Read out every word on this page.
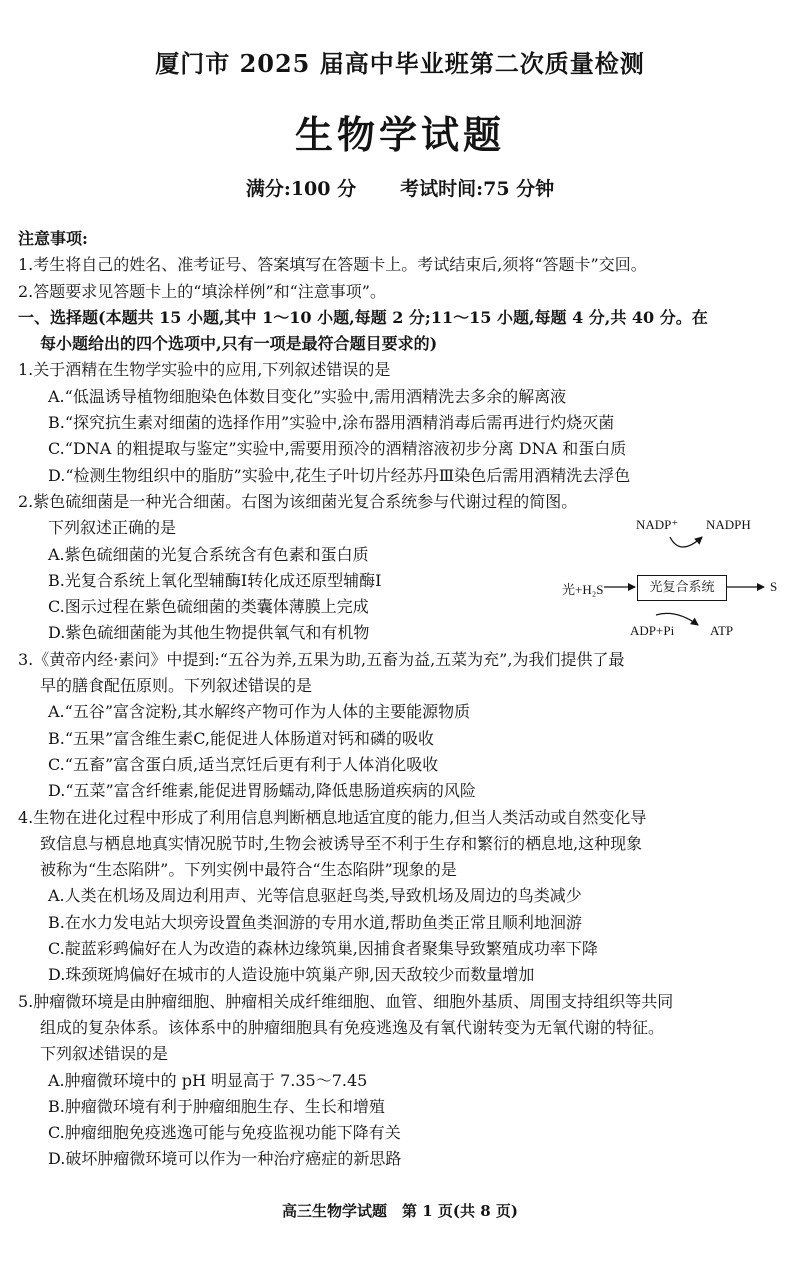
厦门市 2025 届高中毕业班第二次质量检测
生物学试题
满分:100 分 考试时间:75 分钟
注意事项:
1.考生将自己的姓名、准考证号、答案填写在答题卡上。考试结束后,须将“答题卡”交回。
2.答题要求见答题卡上的“填涂样例”和“注意事项”。
一、选择题(本题共 15 小题,其中 1～10 小题,每题 2 分;11～15 小题,每题 4 分,共 40 分。在
每小题给出的四个选项中,只有一项是最符合题目要求的)
1.关于酒精在生物学实验中的应用,下列叙述错误的是
A.“低温诱导植物细胞染色体数目变化”实验中,需用酒精洗去多余的解离液
B.“探究抗生素对细菌的选择作用”实验中,涂布器用酒精消毒后需再进行灼烧灭菌
C.“DNA 的粗提取与鉴定”实验中,需要用预冷的酒精溶液初步分离 DNA 和蛋白质
D.“检测生物组织中的脂肪”实验中,花生子叶切片经苏丹Ⅲ染色后需用酒精洗去浮色
2.紫色硫细菌是一种光合细菌。右图为该细菌光复合系统参与代谢过程的简图。
下列叙述正确的是
A.紫色硫细菌的光复合系统含有色素和蛋白质
B.光复合系统上氧化型辅酶Ⅰ转化成还原型辅酶Ⅰ
C.图示过程在紫色硫细菌的类囊体薄膜上完成
D.紫色硫细菌能为其他生物提供氧气和有机物
NADP⁺ NADPH
光+H₂S	光复合系统	S
ADP+Pi	ATP
3.《黄帝内经·素问》中提到:“五谷为养,五果为助,五畜为益,五菜为充”,为我们提供了最
早的膳食配伍原则。下列叙述错误的是
A.“五谷”富含淀粉,其水解终产物可作为人体的主要能源物质
B.“五果”富含维生素C,能促进人体肠道对钙和磷的吸收
C.“五畜”富含蛋白质,适当烹饪后更有利于人体消化吸收
D.“五菜”富含纤维素,能促进胃肠蠕动,降低患肠道疾病的风险
4.生物在进化过程中形成了利用信息判断栖息地适宜度的能力,但当人类活动或自然变化导
致信息与栖息地真实情况脱节时,生物会被诱导至不利于生存和繁衍的栖息地,这种现象
被称为“生态陷阱”。下列实例中最符合“生态陷阱”现象的是
A.人类在机场及周边利用声、光等信息驱赶鸟类,导致机场及周边的鸟类减少
B.在水力发电站大坝旁设置鱼类洄游的专用水道,帮助鱼类正常且顺利地洄游
C.靛蓝彩鹀偏好在人为改造的森林边缘筑巢,因捕食者聚集导致繁殖成功率下降
D.珠颈斑鸠偏好在城市的人造设施中筑巢产卵,因天敌较少而数量增加
5.肿瘤微环境是由肿瘤细胞、肿瘤相关成纤维细胞、血管、细胞外基质、周围支持组织等共同
组成的复杂体系。该体系中的肿瘤细胞具有免疫逃逸及有氧代谢转变为无氧代谢的特征。
下列叙述错误的是
A.肿瘤微环境中的 pH 明显高于 7.35～7.45
B.肿瘤微环境有利于肿瘤细胞生存、生长和增殖
C.肿瘤细胞免疫逃逸可能与免疫监视功能下降有关
D.破坏肿瘤微环境可以作为一种治疗癌症的新思路
高三生物学试题　第 1 页(共 8 页)
